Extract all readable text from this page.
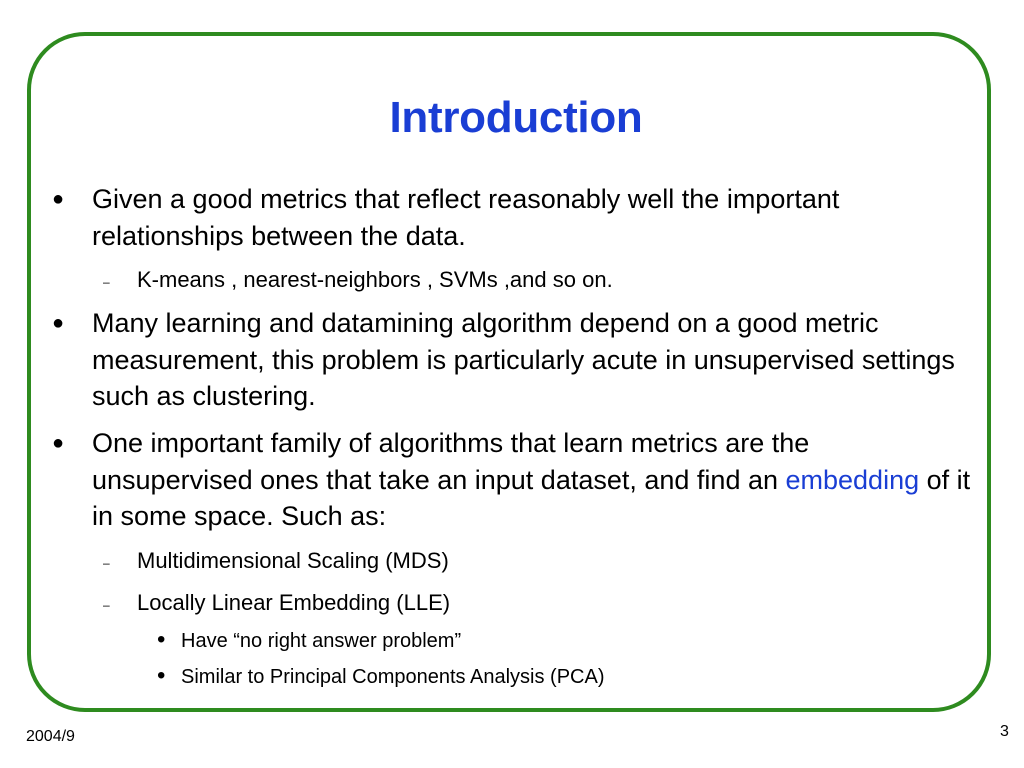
Introduction
● Given a good metrics that reflect reasonably well the important relationships between the data.
– K-means , nearest-neighbors , SVMs ,and so on.
● Many learning and datamining algorithm depend on a good metric measurement, this problem is particularly acute in unsupervised settings such as clustering.
● One important family of algorithms that learn metrics are the unsupervised ones that take an input dataset, and find an embedding of it in some space. Such as:
– Multidimensional Scaling (MDS)
– Locally Linear Embedding (LLE)
• Have “no right answer problem”
• Similar to Principal Components Analysis (PCA)
2004/9	3
